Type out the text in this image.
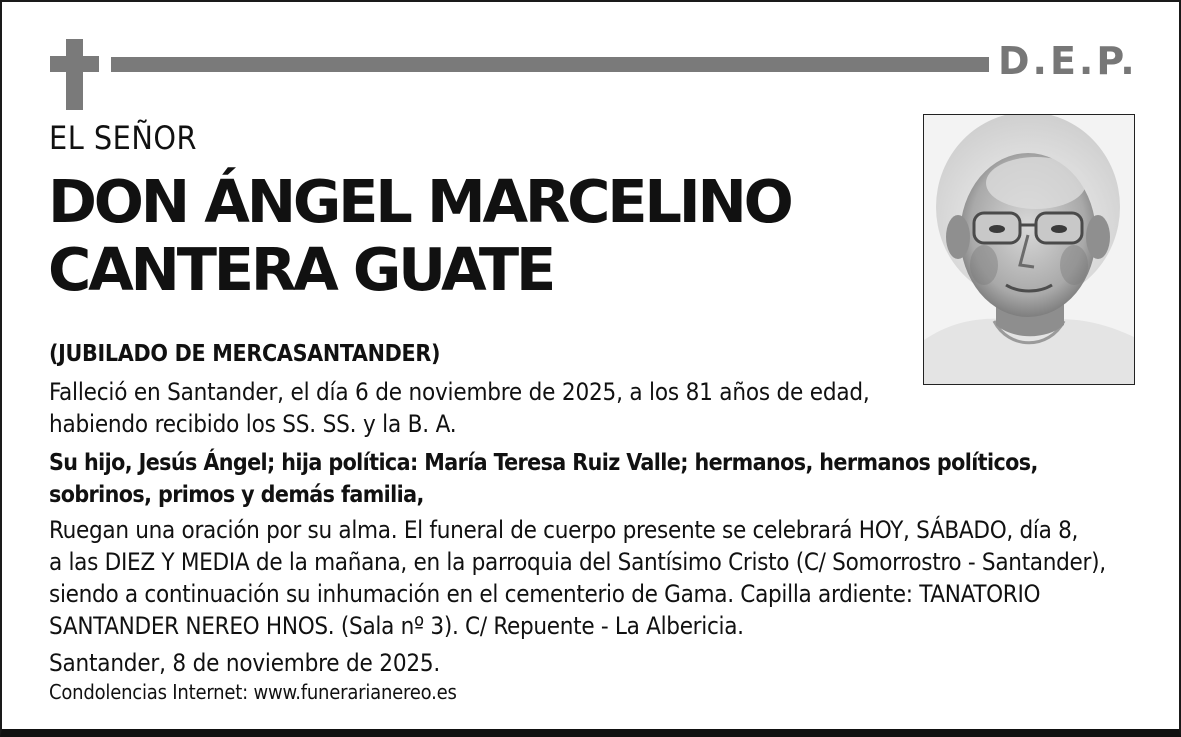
D.E.P.
EL SEÑOR
DON ÁNGEL MARCELINO
CANTERA GUATE
(JUBILADO DE MERCASANTANDER)
Falleció en Santander, el día 6 de noviembre de 2025, a los 81 años de edad,
habiendo recibido los SS. SS. y la B. A.
Su hijo, Jesús Ángel; hija política: María Teresa Ruiz Valle; hermanos, hermanos políticos,
sobrinos, primos y demás familia,
Ruegan una oración por su alma. El funeral de cuerpo presente se celebrará HOY, SÁBADO, día 8,
a las DIEZ Y MEDIA de la mañana, en la parroquia del Santísimo Cristo (C/ Somorrostro - Santander),
siendo a continuación su inhumación en el cementerio de Gama. Capilla ardiente: TANATORIO
SANTANDER NEREO HNOS. (Sala nº 3). C/ Repuente - La Albericia.
Santander, 8 de noviembre de 2025.
Condolencias Internet: www.funerarianereo.es
